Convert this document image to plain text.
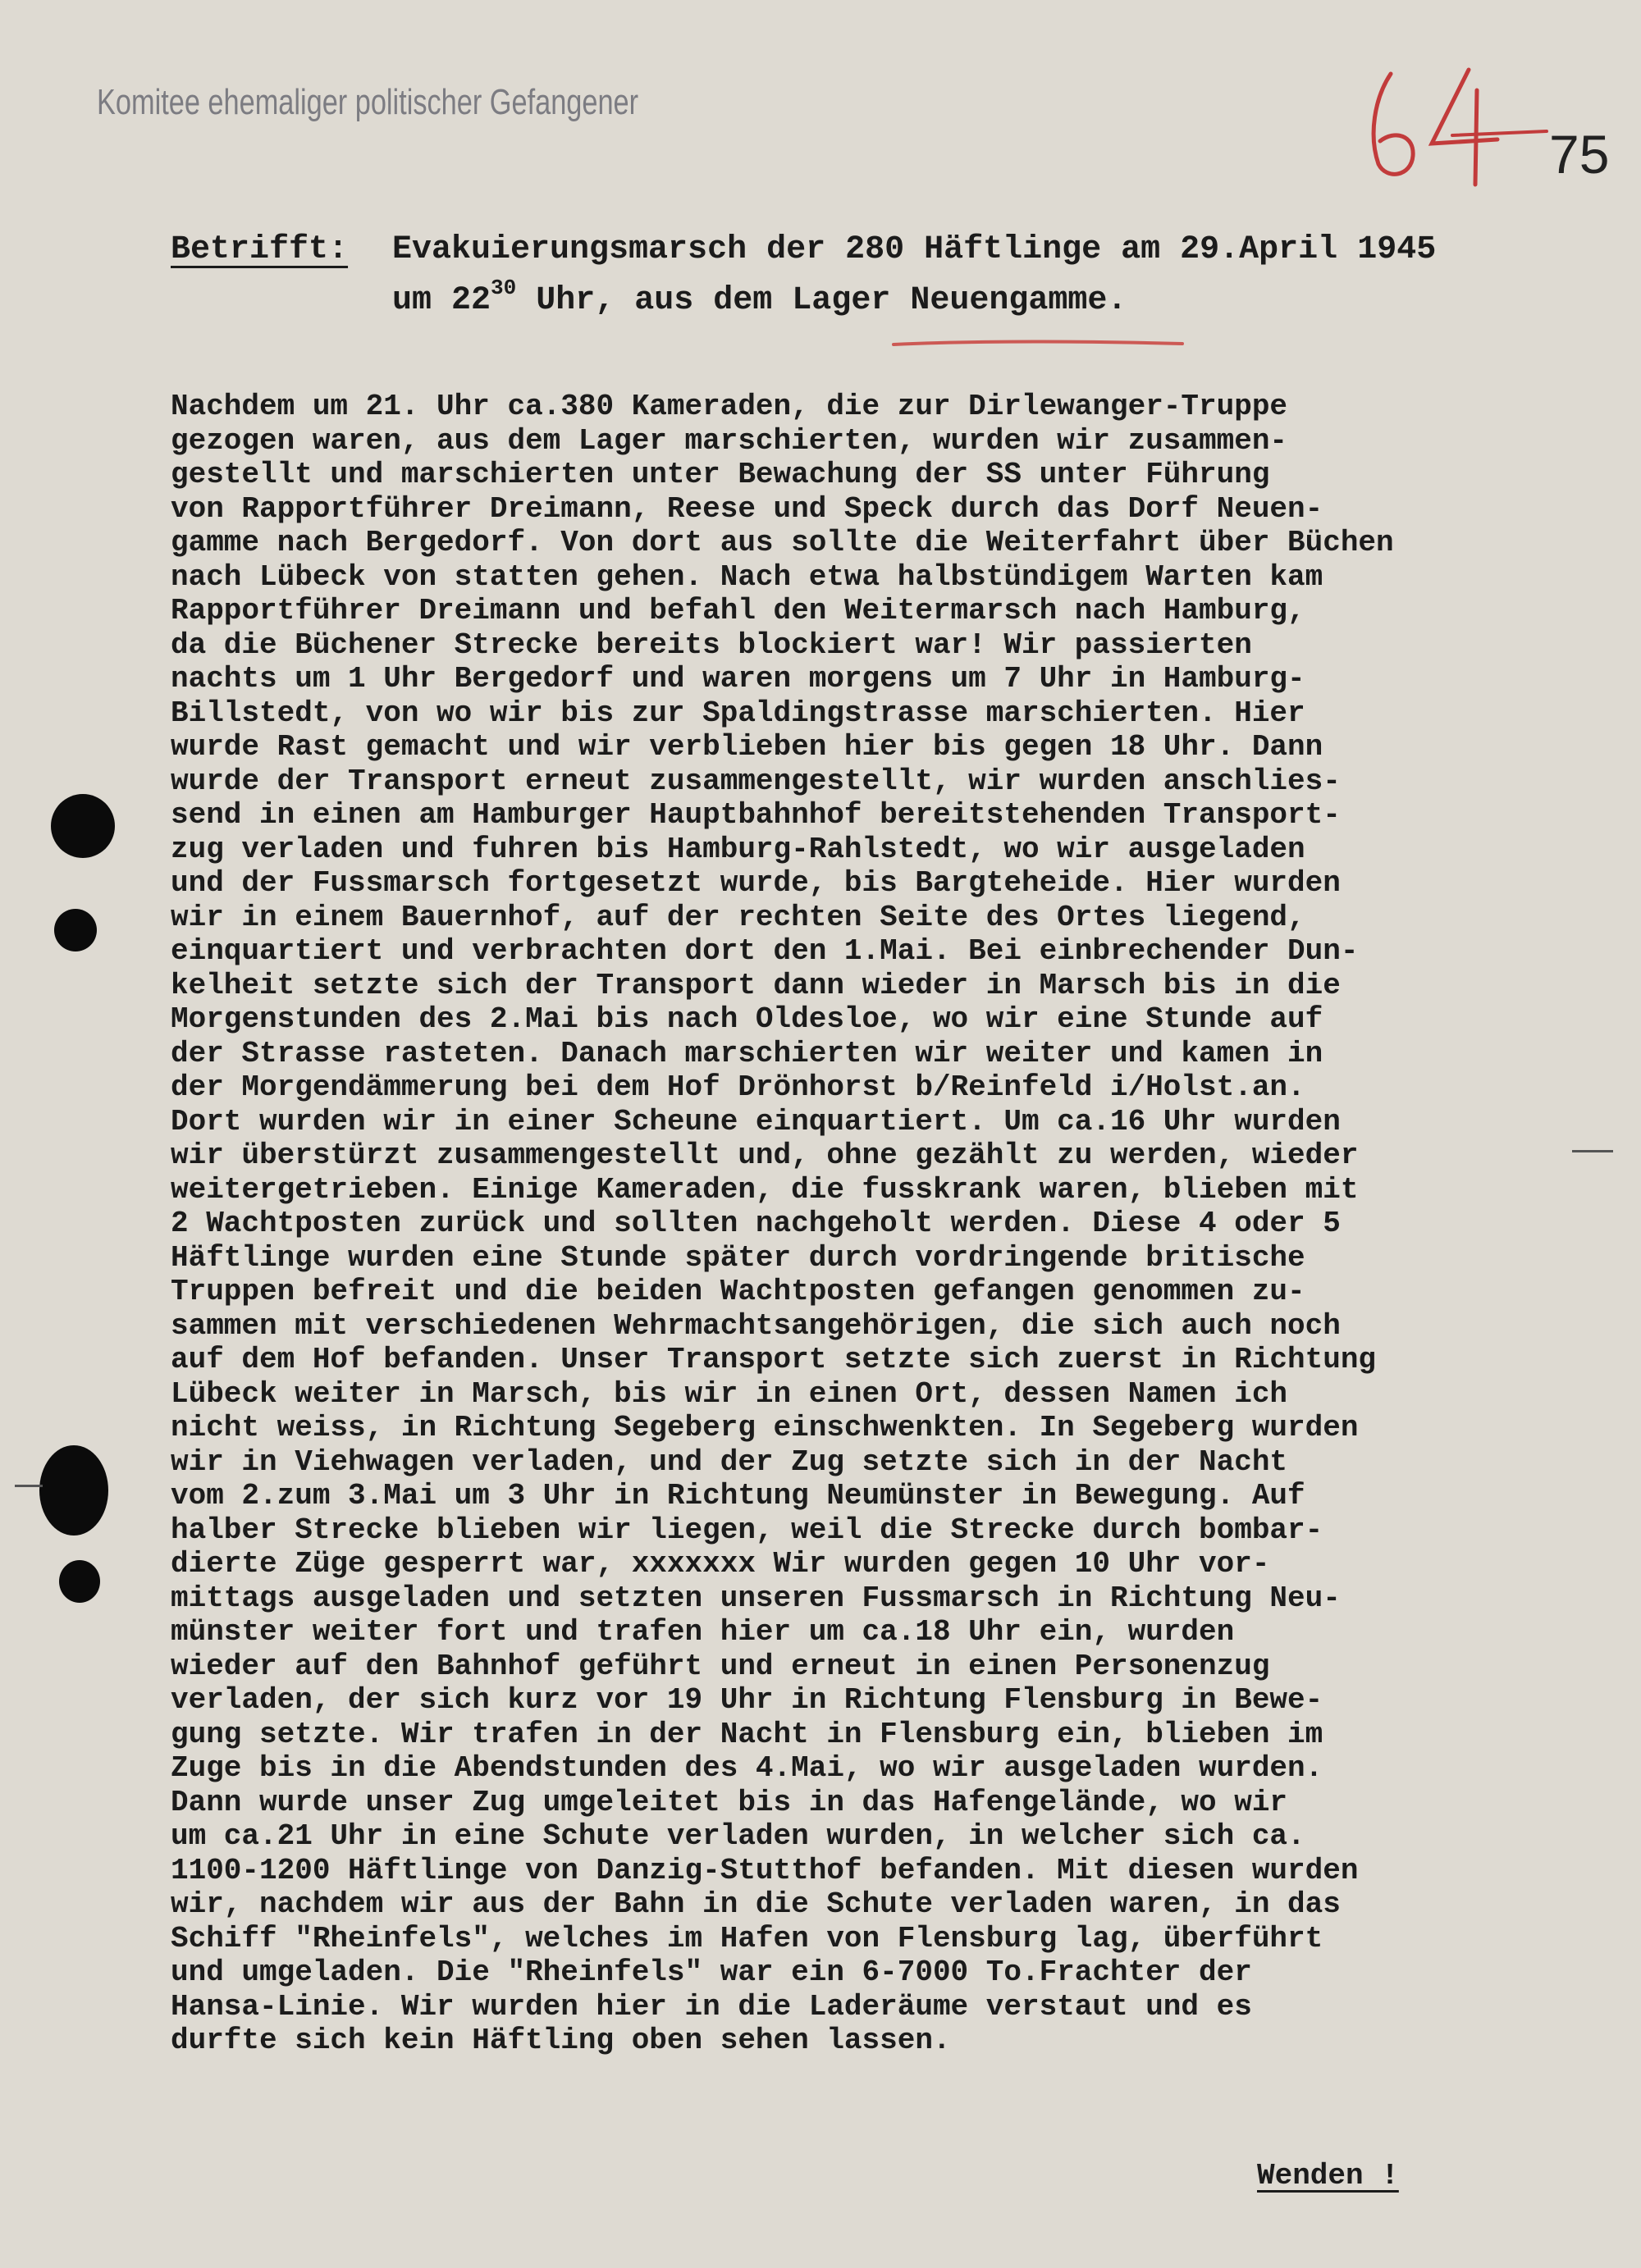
Komitee ehemaliger politischer Gefangener
75
Betrifft: Evakuierungsmarsch der 280 Häftlinge am 29.April 1945
um $22^{30}$ Uhr, aus dem Lager Neuengamme.
Nachdem um 21. Uhr ca.380 Kameraden, die zur Dirlewanger-Truppe
gezogen waren, aus dem Lager marschierten, wurden wir zusammen-
gestellt und marschierten unter Bewachung der SS unter Führung
von Rapportführer Dreimann, Reese und Speck durch das Dorf Neuen-
gamme nach Bergedorf. Von dort aus sollte die Weiterfahrt über Büchen
nach Lübeck von statten gehen. Nach etwa halbstündigem Warten kam
Rapportführer Dreimann und befahl den Weitermarsch nach Hamburg,
da die Büchener Strecke bereits blockiert war! Wir passierten
nachts um 1 Uhr Bergedorf und waren morgens um 7 Uhr in Hamburg-
Billstedt, von wo wir bis zur Spaldingstrasse marschierten. Hier
wurde Rast gemacht und wir verblieben hier bis gegen 18 Uhr. Dann
wurde der Transport erneut zusammengestellt, wir wurden anschlies-
send in einen am Hamburger Hauptbahnhof bereitstehenden Transport-
zug verladen und fuhren bis Hamburg-Rahlstedt, wo wir ausgeladen
und der Fussmarsch fortgesetzt wurde, bis Bargteheide. Hier wurden
wir in einem Bauernhof, auf der rechten Seite des Ortes liegend,
einquartiert und verbrachten dort den 1.Mai. Bei einbrechender Dun-
kelheit setzte sich der Transport dann wieder in Marsch bis in die
Morgenstunden des 2.Mai bis nach Oldesloe, wo wir eine Stunde auf
der Strasse rasteten. Danach marschierten wir weiter und kamen in
der Morgendämmerung bei dem Hof Drönhorst b/Reinfeld i/Holst.an.
Dort wurden wir in einer Scheune einquartiert. Um ca.16 Uhr wurden
wir überstürzt zusammengestellt und, ohne gezählt zu werden, wieder
weitergetrieben. Einige Kameraden, die fusskrank waren, blieben mit
2 Wachtposten zurück und sollten nachgeholt werden. Diese 4 oder 5
Häftlinge wurden eine Stunde später durch vordringende britische
Truppen befreit und die beiden Wachtposten gefangen genommen zu-
sammen mit verschiedenen Wehrmachtsangehörigen, die sich auch noch
auf dem Hof befanden. Unser Transport setzte sich zuerst in Richtung
Lübeck weiter in Marsch, bis wir in einen Ort, dessen Namen ich
nicht weiss, in Richtung Segeberg einschwenkten. In Segeberg wurden
wir in Viehwagen verladen, und der Zug setzte sich in der Nacht
vom 2.zum 3.Mai um 3 Uhr in Richtung Neumünster in Bewegung. Auf
halber Strecke blieben wir liegen, weil die Strecke durch bombar-
dierte Züge gesperrt war, xxxxxxx Wir wurden gegen 10 Uhr vor-
mittags ausgeladen und setzten unseren Fussmarsch in Richtung Neu-
münster weiter fort und trafen hier um ca.18 Uhr ein, wurden
wieder auf den Bahnhof geführt und erneut in einen Personenzug
verladen, der sich kurz vor 19 Uhr in Richtung Flensburg in Bewe-
gung setzte. Wir trafen in der Nacht in Flensburg ein, blieben im
Zuge bis in die Abendstunden des 4.Mai, wo wir ausgeladen wurden.
Dann wurde unser Zug umgeleitet bis in das Hafengelände, wo wir
um ca.21 Uhr in eine Schute verladen wurden, in welcher sich ca.
1100-1200 Häftlinge von Danzig-Stutthof befanden. Mit diesen wurden
wir, nachdem wir aus der Bahn in die Schute verladen waren, in das
Schiff "Rheinfels", welches im Hafen von Flensburg lag, überführt
und umgeladen. Die "Rheinfels" war ein 6-7000 To.Frachter der
Hansa-Linie. Wir wurden hier in die Laderäume verstaut und es
durfte sich kein Häftling oben sehen lassen.
Wenden !
